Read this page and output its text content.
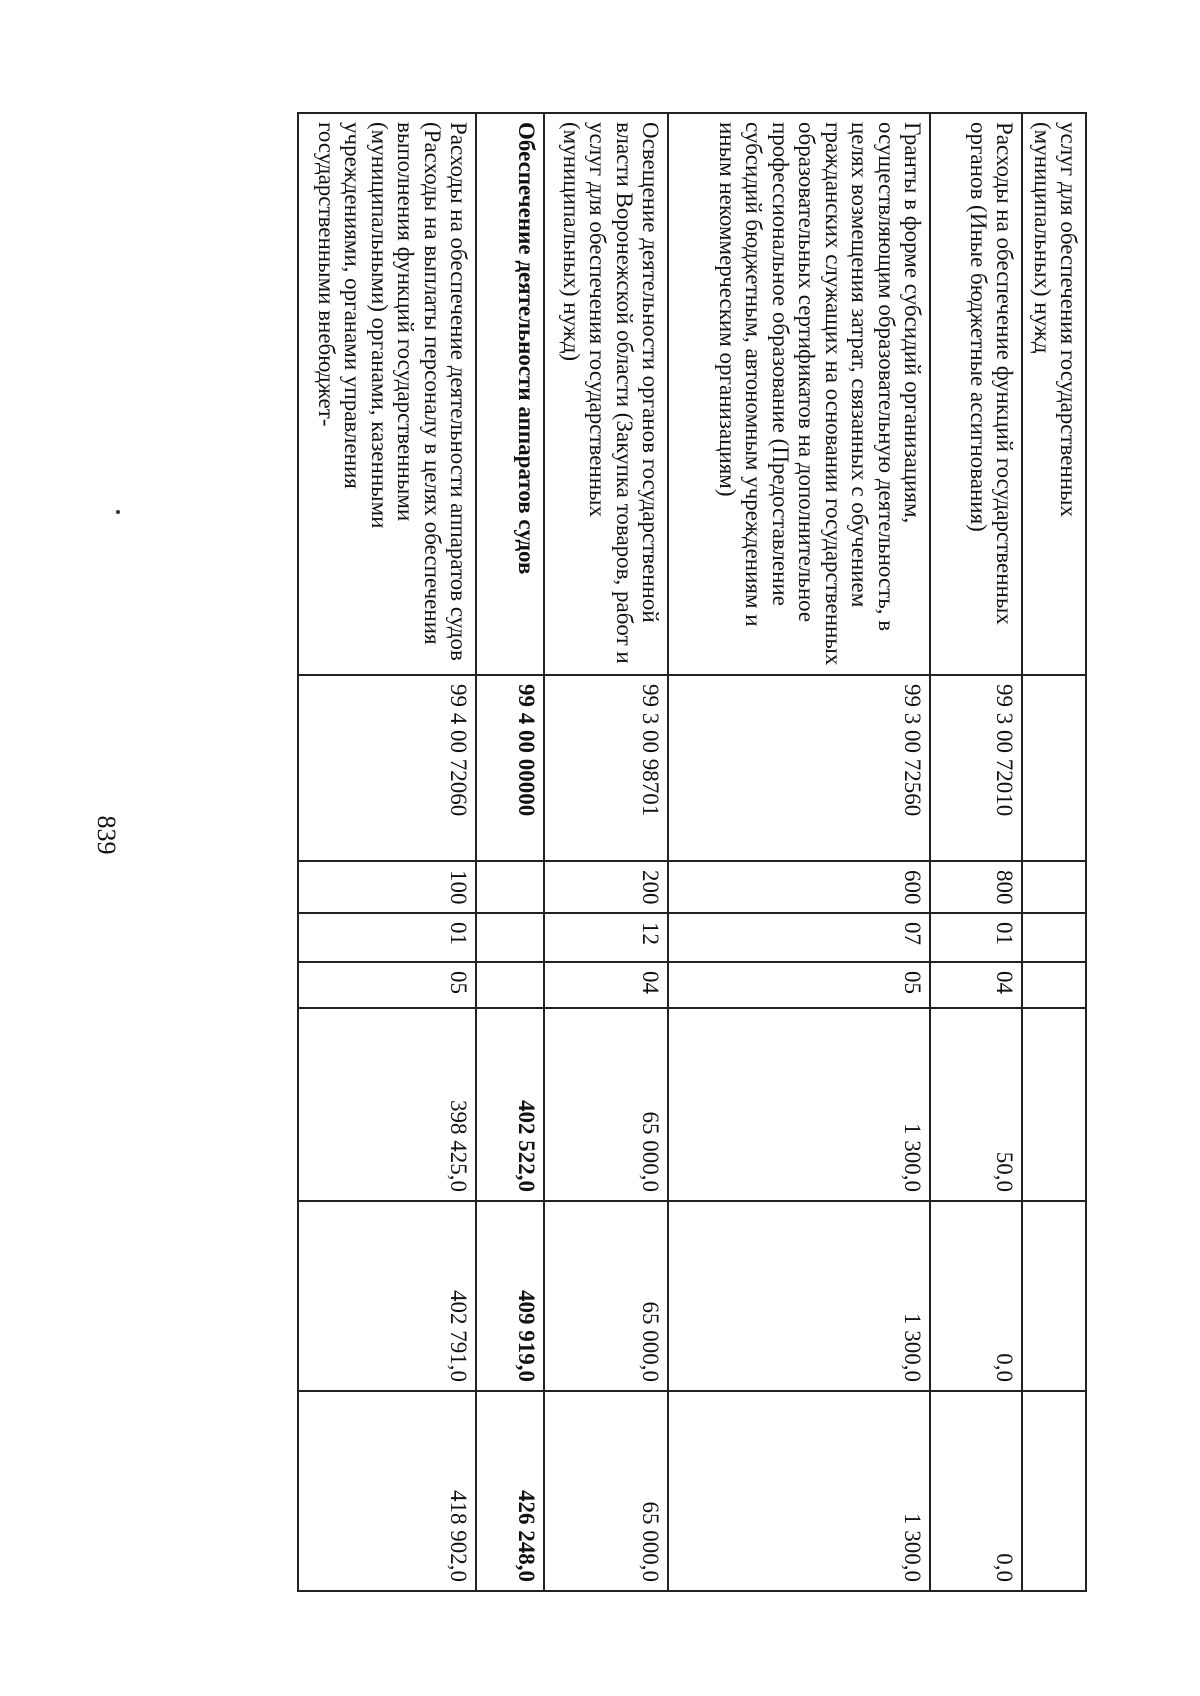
839
услуг для обеспечения государственных (муниципальных) нужд							
Расходы на обеспечение функций государственных органов (Иные бюджетные ассигнования)	99 3 00 72010	800	01	04	50,0	0,0	0,0
Гранты в форме субсидий организациям, осуществляющим образовательную деятельность, в целях возмещения затрат, связанных с обучением гражданских служащих на основании государственных образовательных сертификатов на дополнительное профессиональное образование (Предоставление субсидий бюджетным, автономным учреждениям и иным некоммерческим организациям)	99 3 00 72560	600	07	05	1 300,0	1 300,0	1 300,0
Освещение деятельности органов государственной власти Воронежской области (Закупка товаров, работ и услуг для обеспечения государственных (муниципальных) нужд)	99 3 00 98701	200	12	04	65 000,0	65 000,0	65 000,0
Обеспечение деятельности аппаратов судов	99 4 00 00000				402 522,0	409 919,0	426 248,0
Расходы на обеспечение деятельности аппаратов судов (Расходы на выплаты персоналу в целях обеспечения выполнения функций государственными (муниципальными) органами, казенными учреждениями, органами управления государственными внебюджет-	99 4 00 72060	100	01	05	398 425,0	402 791,0	418 902,0
